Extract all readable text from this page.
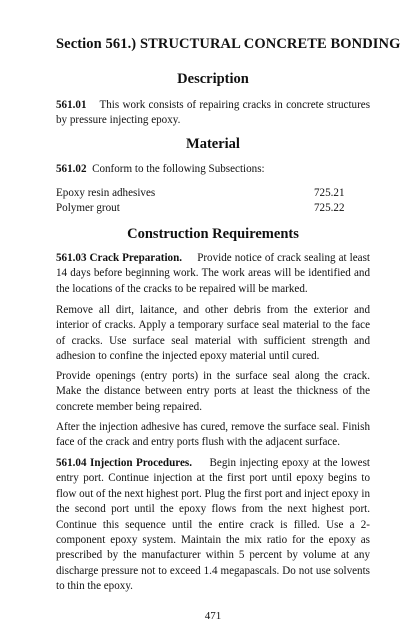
Section 561.) STRUCTURAL CONCRETE BONDING
Description
561.01 This work consists of repairing cracks in concrete structures by pressure injecting epoxy.
Material
561.02 Conform to the following Subsections:
Epoxy resin adhesives	725.21
Polymer grout	725.22
Construction Requirements
561.03 Crack Preparation. Provide notice of crack sealing at least 14 days before beginning work. The work areas will be identified and the locations of the cracks to be repaired will be marked.
Remove all dirt, laitance, and other debris from the exterior and interior of cracks. Apply a temporary surface seal material to the face of cracks. Use surface seal material with sufficient strength and adhesion to confine the injected epoxy material until cured.
Provide openings (entry ports) in the surface seal along the crack. Make the distance between entry ports at least the thickness of the concrete member being repaired.
After the injection adhesive has cured, remove the surface seal. Finish face of the crack and entry ports flush with the adjacent surface.
561.04 Injection Procedures. Begin injecting epoxy at the lowest entry port. Continue injection at the first port until epoxy begins to flow out of the next highest port. Plug the first port and inject epoxy in the second port until the epoxy flows from the next highest port. Continue this sequence until the entire crack is filled. Use a 2-component epoxy system. Maintain the mix ratio for the epoxy as prescribed by the manufacturer within 5 percent by volume at any discharge pressure not to exceed 1.4 megapascals. Do not use solvents to thin the epoxy.
471
